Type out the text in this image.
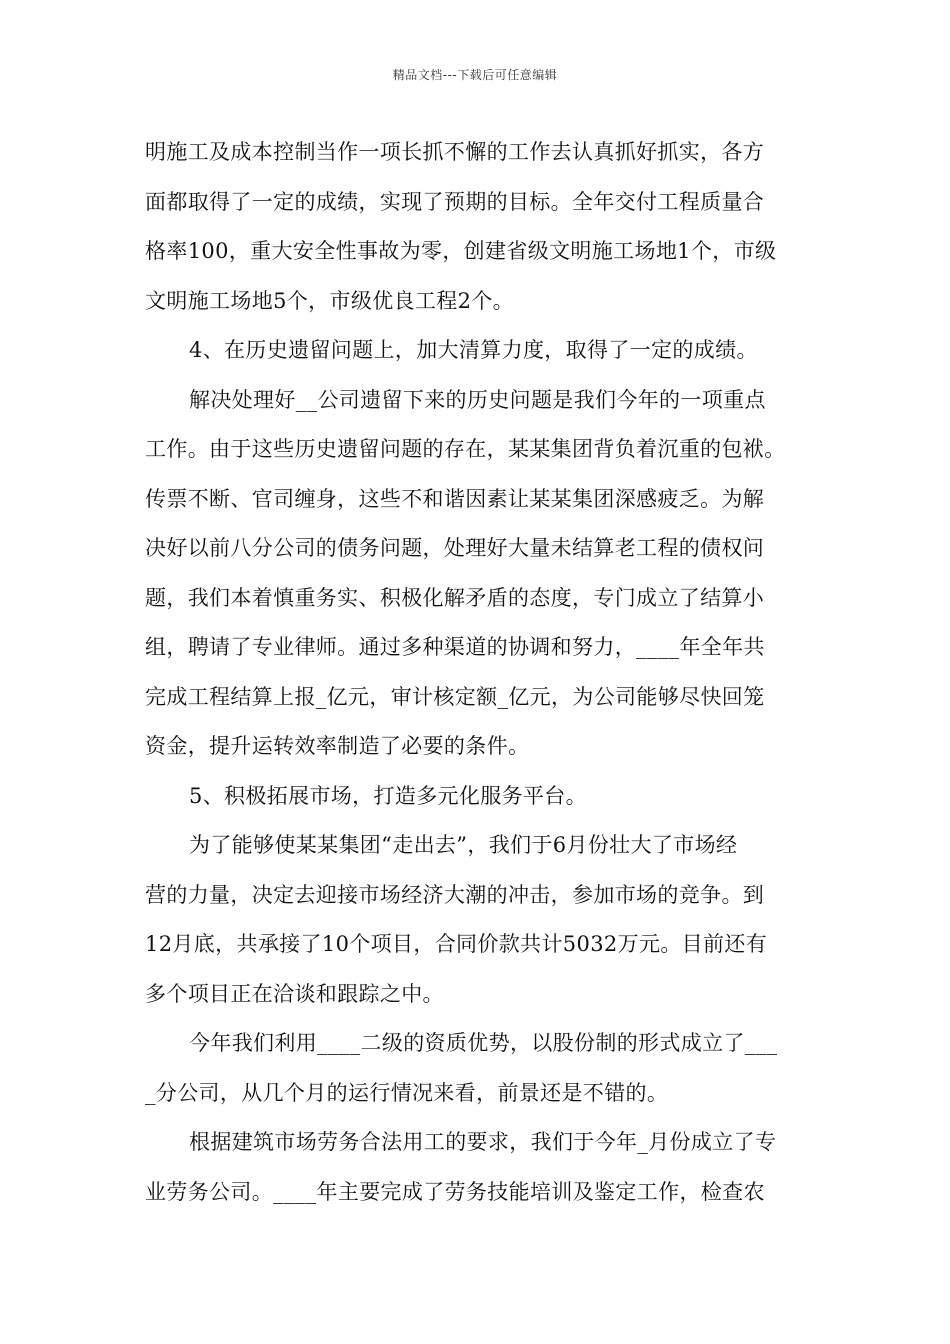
精品文档---下载后可任意编辑
明施工及成本控制当作一项长抓不懈的工作去认真抓好抓实，各方
面都取得了一定的成绩，实现了预期的目标。全年交付工程质量合
格率100，重大安全性事故为零，创建省级文明施工场地1个，市级
文明施工场地5个，市级优良工程2个。
4、在历史遗留问题上，加大清算力度，取得了一定的成绩。
解决处理好__公司遗留下来的历史问题是我们今年的一项重点
工作。由于这些历史遗留问题的存在，某某集团背负着沉重的包袱。
传票不断、官司缠身，这些不和谐因素让某某集团深感疲乏。为解
决好以前八分公司的债务问题，处理好大量未结算老工程的债权问
题，我们本着慎重务实、积极化解矛盾的态度，专门成立了结算小
组，聘请了专业律师。通过多种渠道的协调和努力，____年全年共
完成工程结算上报_亿元，审计核定额_亿元，为公司能够尽快回笼
资金，提升运转效率制造了必要的条件。
5、积极拓展市场，打造多元化服务平台。
为了能够使某某集团“走出去”，我们于6月份壮大了市场经
营的力量，决定去迎接市场经济大潮的冲击，参加市场的竞争。到
12月底，共承接了10个项目，合同价款共计5032万元。目前还有
多个项目正在洽谈和跟踪之中。
今年我们利用____二级的资质优势，以股份制的形式成立了___
_分公司，从几个月的运行情况来看，前景还是不错的。
根据建筑市场劳务合法用工的要求，我们于今年_月份成立了专
业劳务公司。____年主要完成了劳务技能培训及鉴定工作，检查农
